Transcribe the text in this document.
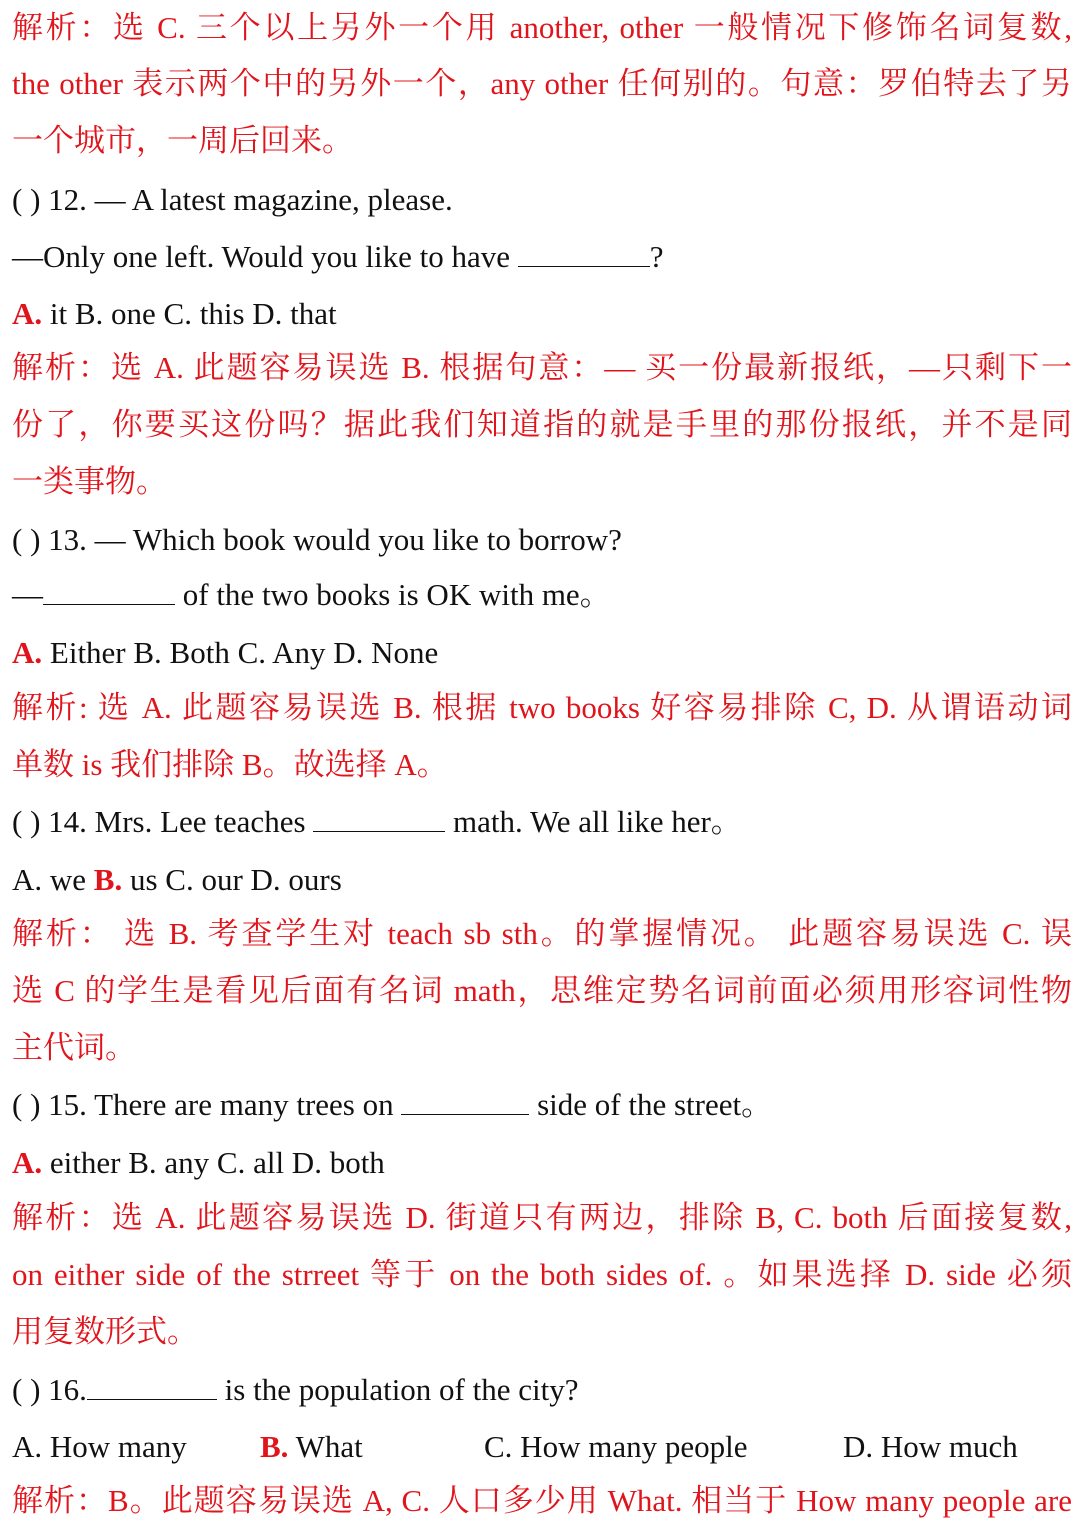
解析：选 C. 三个以上另外一个用 another, other 一般情况下修饰名词复数,
the other 表示两个中的另外一个，any other 任何别的。句意：罗伯特去了另
一个城市，一周后回来。
( ) 12. — A latest magazine, please.
—Only one left. Would you like to have	?
A. it B. one C. this D. that
解析：选 A. 此题容易误选 B. 根据句意：— 买一份最新报纸，—只剩下一
份了，你要买这份吗？据此我们知道指的就是手里的那份报纸，并不是同
一类事物。
( ) 13. — Which book would you like to borrow?
—	of the two books is OK with me。
A. Either B. Both C. Any D. None
解析: 选 A. 此题容易误选 B. 根据 two books 好容易排除 C, D. 从谓语动词
单数 is 我们排除 B。故选择 A。
( ) 14. Mrs. Lee teaches	math. We all like her。
A. we B. us C. our D. ours
解析： 选 B. 考查学生对 teach sb sth。的掌握情况。 此题容易误选 C. 误
选 C 的学生是看见后面有名词 math，思维定势名词前面必须用形容词性物
主代词。
( ) 15. There are many trees on	side of the street。
A. either B. any C. all D. both
解析：选 A. 此题容易误选 D. 街道只有两边，排除 B, C. both 后面接复数,
on either side of the strreet 等于 on the both sides of. 。如果选择 D. side 必须
用复数形式。
( ) 16.	is the population of the city?
A. How many B. What	C. How many people	D. How much
解析：B。此题容易误选 A, C. 人口多少用 What. 相当于 How many people are
